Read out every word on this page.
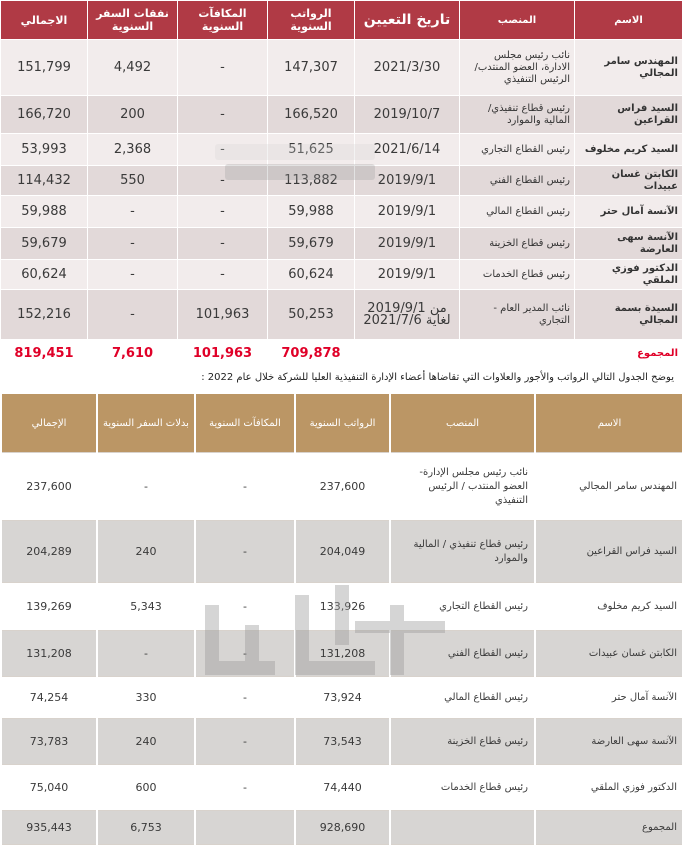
الاسم	المنصب	تاريخ التعيين	الرواتب السنوية	المكافآت السنوية	نفقات السفر السنوية	الاجمالي
المهندس سامر المجالي	نائب رئيس مجلس الادارة، العضو المنتدب/ الرئيس التنفيذي	2021/3/30	147,307	-	4,492	151,799
السيد فراس القراعين	رئيس قطاع تنفيذي/ المالية والموارد	2019/10/7	166,520	-	200	166,720
السيد كريم مخلوف	رئيس القطاع التجاري	2021/6/14	51,625	-	2,368	53,993
الكابتن غسان عبيدات	رئيس القطاع الفني	2019/9/1	113,882	-	550	114,432
الآنسة آمال حتر	رئيس القطاع المالي	2019/9/1	59,988	-	-	59,988
الآنسة سهى العارضة	رئيس قطاع الخزينة	2019/9/1	59,679	-	-	59,679
الدكتور فوزي الملقي	رئيس قطاع الخدمات	2019/9/1	60,624	-	-	60,624
السيدة بسمة المجالي	نائب المدير العام - التجاري	من 2019/9/1 لغاية 2021/7/6	50,253	101,963	-	152,216
المجموع			709,878	101,963	7,610	819,451
يوضح الجدول التالي الرواتب والأجور والعلاوات التي تقاضاها أعضاء الإدارة التنفيذية العليا للشركة خلال عام 2022 :
الاسم	المنصب	الرواتب السنوية	المكافآت السنوية	بدلات السفر السنوية	الإجمالي
المهندس سامر المجالي	نائب رئيس مجلس الإدارة- العضو المنتدب / الرئيس التنفيذي	237,600	-	-	237,600
السيد فراس القراعين	رئيس قطاع تنفيذي / المالية والموارد	204,049	-	240	204,289
السيد كريم مخلوف	رئيس القطاع التجاري	133,926	-	5,343	139,269
الكابتن غسان عبيدات	رئيس القطاع الفني	131,208	-	-	131,208
الآنسة آمال حتر	رئيس القطاع المالي	73,924	-	330	74,254
الآنسة سهى العارضة	رئيس قطاع الخزينة	73,543	-	240	73,783
الدكتور فوزي الملقي	رئيس قطاع الخدمات	74,440	-	600	75,040
المجموع		928,690		6,753	935,443
